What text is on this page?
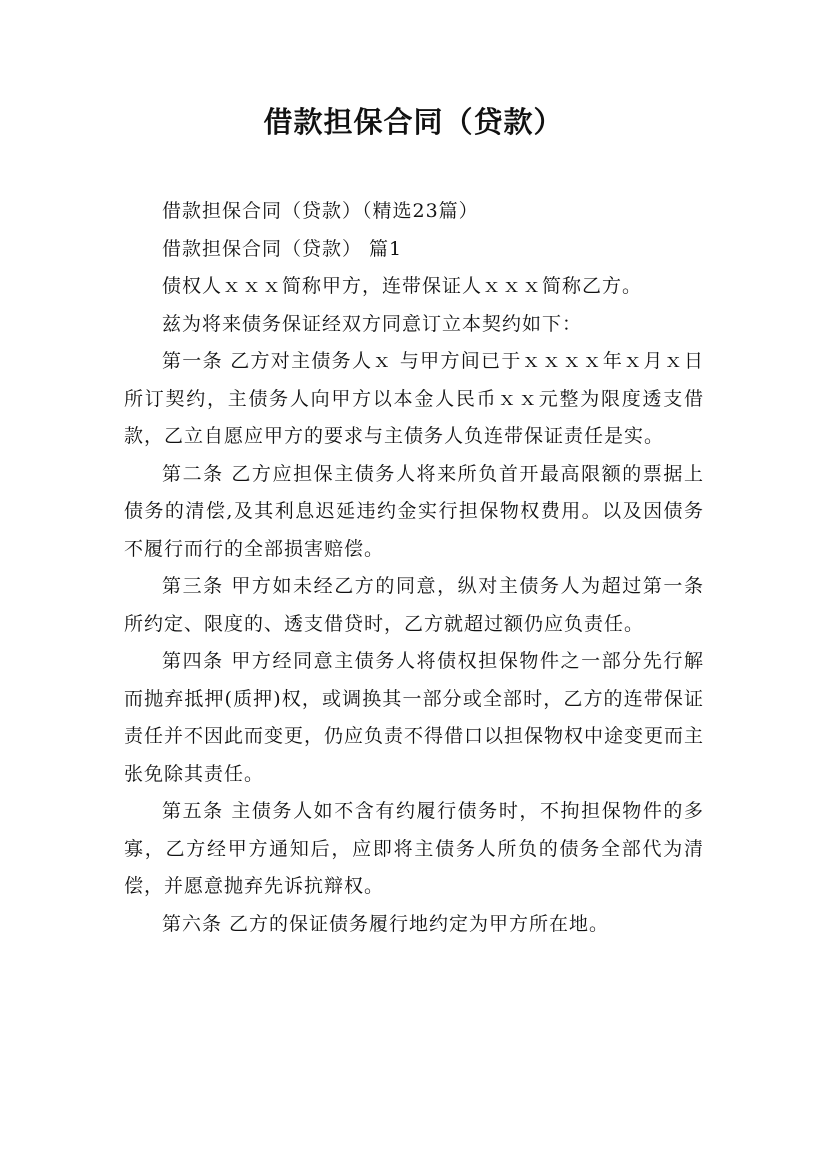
借款担保合同（贷款）

借款担保合同（贷款）（精选23篇）

借款担保合同（贷款） 篇1

债权人ｘｘｘ简称甲方，连带保证人ｘｘｘ简称乙方。

兹为将来债务保证经双方同意订立本契约如下：

第一条 乙方对主债务人ｘ 与甲方间已于ｘｘｘｘ年ｘ月ｘ日所订契约，主债务人向甲方以本金人民币ｘｘ元整为限度透支借款，乙立自愿应甲方的要求与主债务人负连带保证责任是实。

第二条 乙方应担保主债务人将来所负首开最高限额的票据上债务的清偿,及其利息迟延违约金实行担保物权费用。以及因债务不履行而行的全部损害赔偿。

第三条 甲方如未经乙方的同意，纵对主债务人为超过第一条所约定、限度的、透支借贷时，乙方就超过额仍应负责任。

第四条 甲方经同意主债务人将债权担保物件之一部分先行解而抛弃抵押(质押)权，或调换其一部分或全部时，乙方的连带保证责任并不因此而变更，仍应负责不得借口以担保物权中途变更而主张免除其责任。

第五条 主债务人如不含有约履行债务时，不拘担保物件的多寡，乙方经甲方通知后，应即将主债务人所负的债务全部代为清偿，并愿意抛弃先诉抗辩权。

第六条 乙方的保证债务履行地约定为甲方所在地。
